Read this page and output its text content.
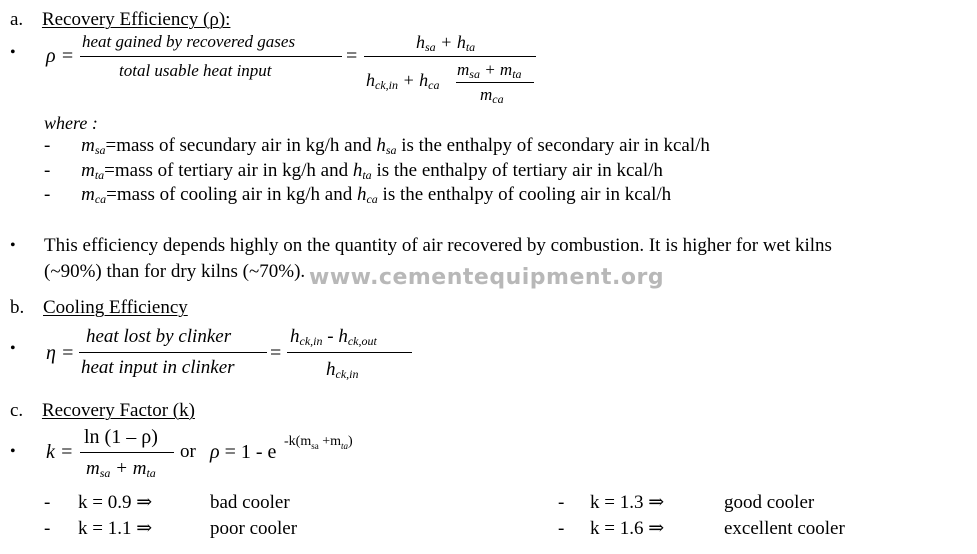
a. Recovery Efficiency (ρ):
• ρ =
heat gained by recovered gases
total usable heat input
=
$h_{sa} + h_{ta}$
$h_{ck,in} + h_{ca}$
$m_{sa} + m_{ta}$
$m_{ca}$
where :
- $m_{sa}=mass$ of secundary air in kg/h and $h_{sa}$ is the enthalpy of secondary air in kcal/h
- $m_{ta}=mass$ of tertiary air in kg/h and $h_{ta}$ is the enthalpy of tertiary air in kcal/h
- $m_{ca}=mass$ of cooling air in kg/h and $h_{ca}$ is the enthalpy of cooling air in kcal/h
• This efficiency depends highly on the quantity of air recovered by combustion. It is higher for wet kilns
(~90%) than for dry kilns (~70%). www.cementequipment.org
b. Cooling Efficiency
• η =
heat lost by clinker
heat input in clinker
=
$h_{ck,in} - h_{ck,out}$
$h_{ck,in}$
c. Recovery Factor (k)
• k =
ln (1 – ρ)
$m_{sa} + m_{ta}$
or ρ = 1 - e $-k(m_{sa} +m_{ta})$
- k = 0.9 ⇒	bad cooler	- k = 1.3 ⇒	good cooler
- k = 1.1 ⇒	poor cooler	- k = 1.6 ⇒	excellent cooler
